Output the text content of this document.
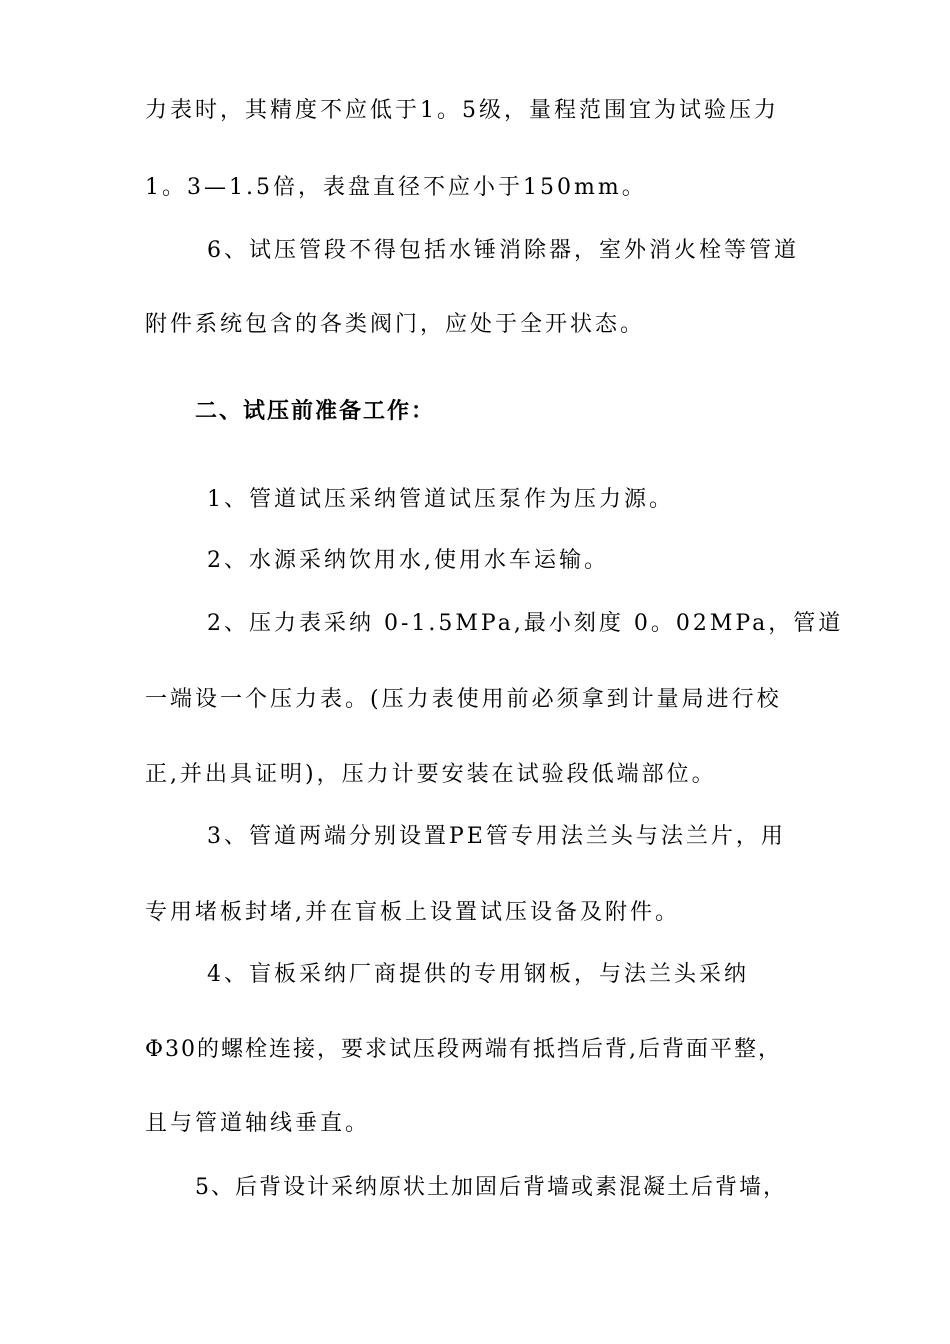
力表时，其精度不应低于1。5级，量程范围宜为试验压力
1。3—1.5倍，表盘直径不应小于150mm。
6、试压管段不得包括水锤消除器，室外消火栓等管道
附件系统包含的各类阀门，应处于全开状态。
二、试压前准备工作：
1、管道试压采纳管道试压泵作为压力源。
2、水源采纳饮用水,使用水车运输。
2、压力表采纳 0-1.5MPa,最小刻度 0。02MPa，管道
一端设一个压力表。(压力表使用前必须拿到计量局进行校
正,并出具证明)，压力计要安装在试验段低端部位。
3、管道两端分别设置PE管专用法兰头与法兰片，用
专用堵板封堵,并在盲板上设置试压设备及附件。
4、盲板采纳厂商提供的专用钢板，与法兰头采纳
Φ30的螺栓连接，要求试压段两端有抵挡后背,后背面平整，
且与管道轴线垂直。
5、后背设计采纳原状土加固后背墙或素混凝土后背墙，
